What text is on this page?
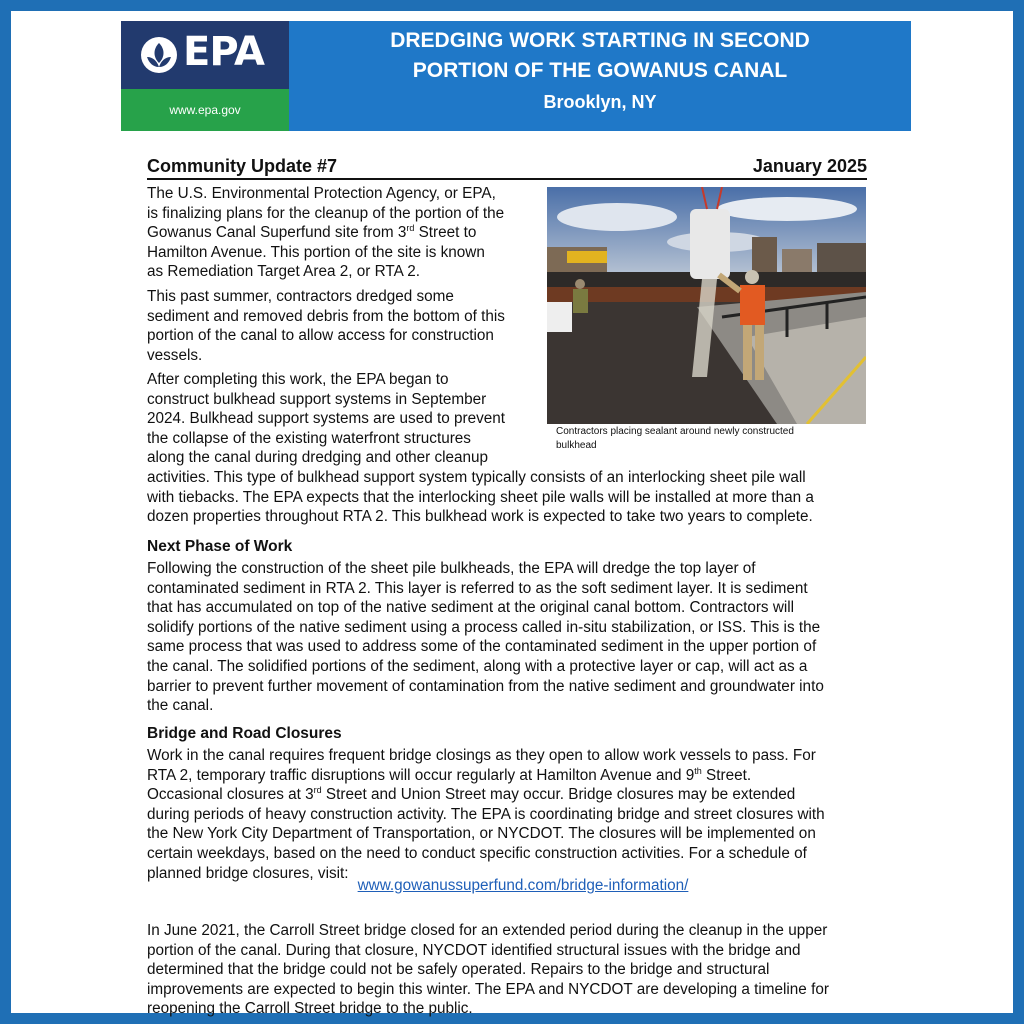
EPA
www.epa.gov
DREDGING WORK STARTING IN SECOND
PORTION OF THE GOWANUS CANAL
Brooklyn, NY
Community Update #7	January 2025
The U.S. Environmental Protection Agency, or EPA,
is finalizing plans for the cleanup of the portion of the
Gowanus Canal Superfund site from 3rd Street to
Hamilton Avenue. This portion of the site is known
as Remediation Target Area 2, or RTA 2.
This past summer, contractors dredged some
sediment and removed debris from the bottom of this
portion of the canal to allow access for construction
vessels.
After completing this work, the EPA began to
construct bulkhead support systems in September
2024. Bulkhead support systems are used to prevent
the collapse of the existing waterfront structures
along the canal during dredging and other cleanup
activities. This type of bulkhead support system typically consists of an interlocking sheet pile wall
with tiebacks. The EPA expects that the interlocking sheet pile walls will be installed at more than a
dozen properties throughout RTA 2. This bulkhead work is expected to take two years to complete.
Contractors placing sealant around newly constructed
bulkhead
Next Phase of Work
Following the construction of the sheet pile bulkheads, the EPA will dredge the top layer of
contaminated sediment in RTA 2. This layer is referred to as the soft sediment layer. It is sediment
that has accumulated on top of the native sediment at the original canal bottom. Contractors will
solidify portions of the native sediment using a process called in-situ stabilization, or ISS. This is the
same process that was used to address some of the contaminated sediment in the upper portion of
the canal. The solidified portions of the sediment, along with a protective layer or cap, will act as a
barrier to prevent further movement of contamination from the native sediment and groundwater into
the canal.
Bridge and Road Closures
Work in the canal requires frequent bridge closings as they open to allow work vessels to pass. For
RTA 2, temporary traffic disruptions will occur regularly at Hamilton Avenue and 9th Street.
Occasional closures at 3rd Street and Union Street may occur. Bridge closures may be extended
during periods of heavy construction activity. The EPA is coordinating bridge and street closures with
the New York City Department of Transportation, or NYCDOT. The closures will be implemented on
certain weekdays, based on the need to conduct specific construction activities. For a schedule of
planned bridge closures, visit:
www.gowanussuperfund.com/bridge-information/
In June 2021, the Carroll Street bridge closed for an extended period during the cleanup in the upper
portion of the canal. During that closure, NYCDOT identified structural issues with the bridge and
determined that the bridge could not be safely operated. Repairs to the bridge and structural
improvements are expected to begin this winter. The EPA and NYCDOT are developing a timeline for
reopening the Carroll Street bridge to the public.
